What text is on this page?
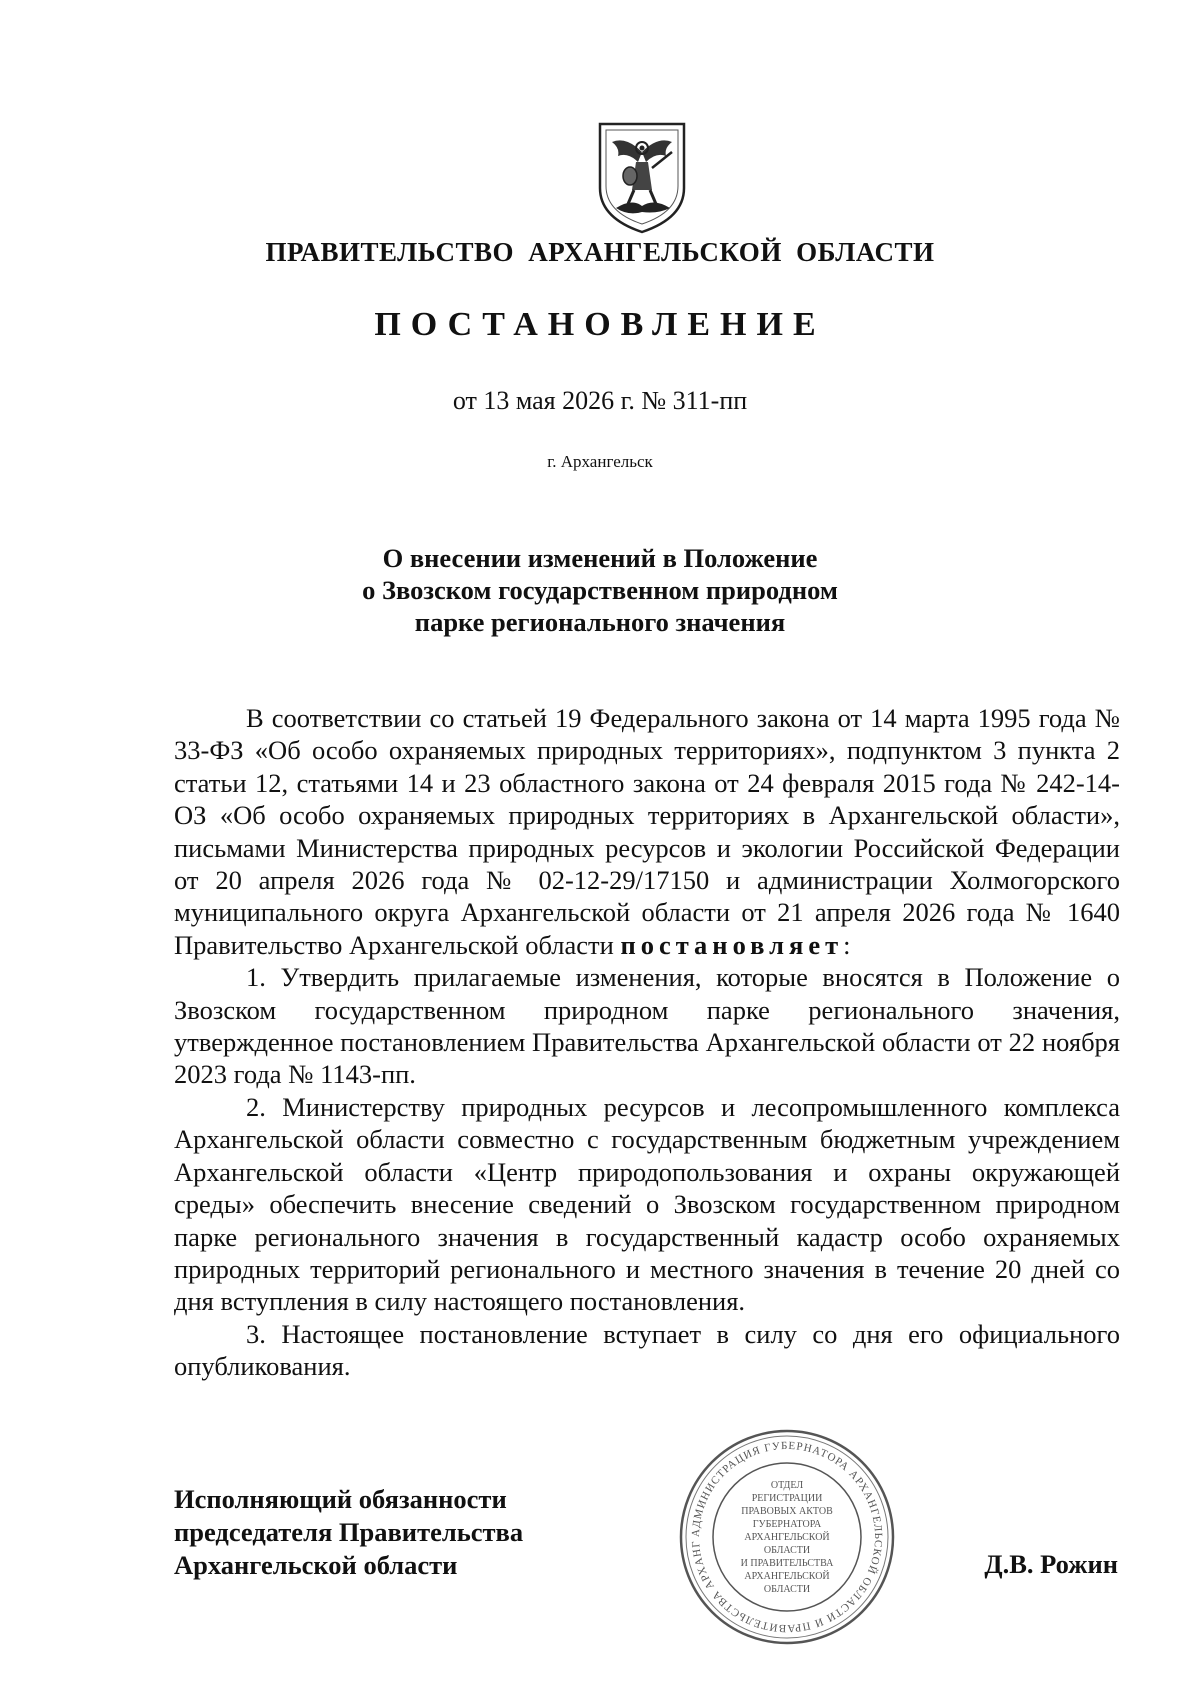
ПРАВИТЕЛЬСТВО АРХАНГЕЛЬСКОЙ ОБЛАСТИ
ПОСТАНОВЛЕНИЕ
от 13 мая 2026 г. № 311-пп
г. Архангельск
О внесении изменений в Положение
о Звозском государственном природном
парке регионального значения

В соответствии со статьей 19 Федерального закона от 14 марта 1995 года № 33-ФЗ «Об особо охраняемых природных территориях», подпунктом 3 пункта 2 статьи 12, статьями 14 и 23 областного закона от 24 февраля 2015 года № 242-14-ОЗ «Об особо охраняемых природных территориях в Архангельской области», письмами Министерства природных ресурсов и экологии Российской Федерации от 20 апреля 2026 года № 02-12-29/17150 и администрации Холмогорского муниципального округа Архангельской области от 21 апреля 2026 года № 1640 Правительство Архангельской области постановляет:

1. Утвердить прилагаемые изменения, которые вносятся в Положение о Звозском государственном природном парке регионального значения, утвержденное постановлением Правительства Архангельской области от 22 ноября 2023 года № 1143-пп.

2. Министерству природных ресурсов и лесопромышленного комплекса Архангельской области совместно с государственным бюджетным учреждением Архангельской области «Центр природопользования и охраны окружающей среды» обеспечить внесение сведений о Звозском государственном природном парке регионального значения в государственный кадастр особо охраняемых природных территорий регионального и местного значения в течение 20 дней со дня вступления в силу настоящего постановления.

3. Настоящее постановление вступает в силу со дня его официального опубликования.

АДМИНИСТРАЦИЯ ГУБЕРНАТОРА АРХАНГЕЛЬСКОЙ ОБЛАСТИ И ПРАВИТЕЛЬСТВА АРХАНГ
ОТДЕЛ
РЕГИСТРАЦИИ
ПРАВОВЫХ АКТОВ
ГУБЕРНАТОРА
АРХАНГЕЛЬСКОЙ
ОБЛАСТИ
И ПРАВИТЕЛЬСТВА
АРХАНГЕЛЬСКОЙ
ОБЛАСТИ
Исполняющий обязанности
председателя Правительства
Архангельской области	Д.В. Рожин
